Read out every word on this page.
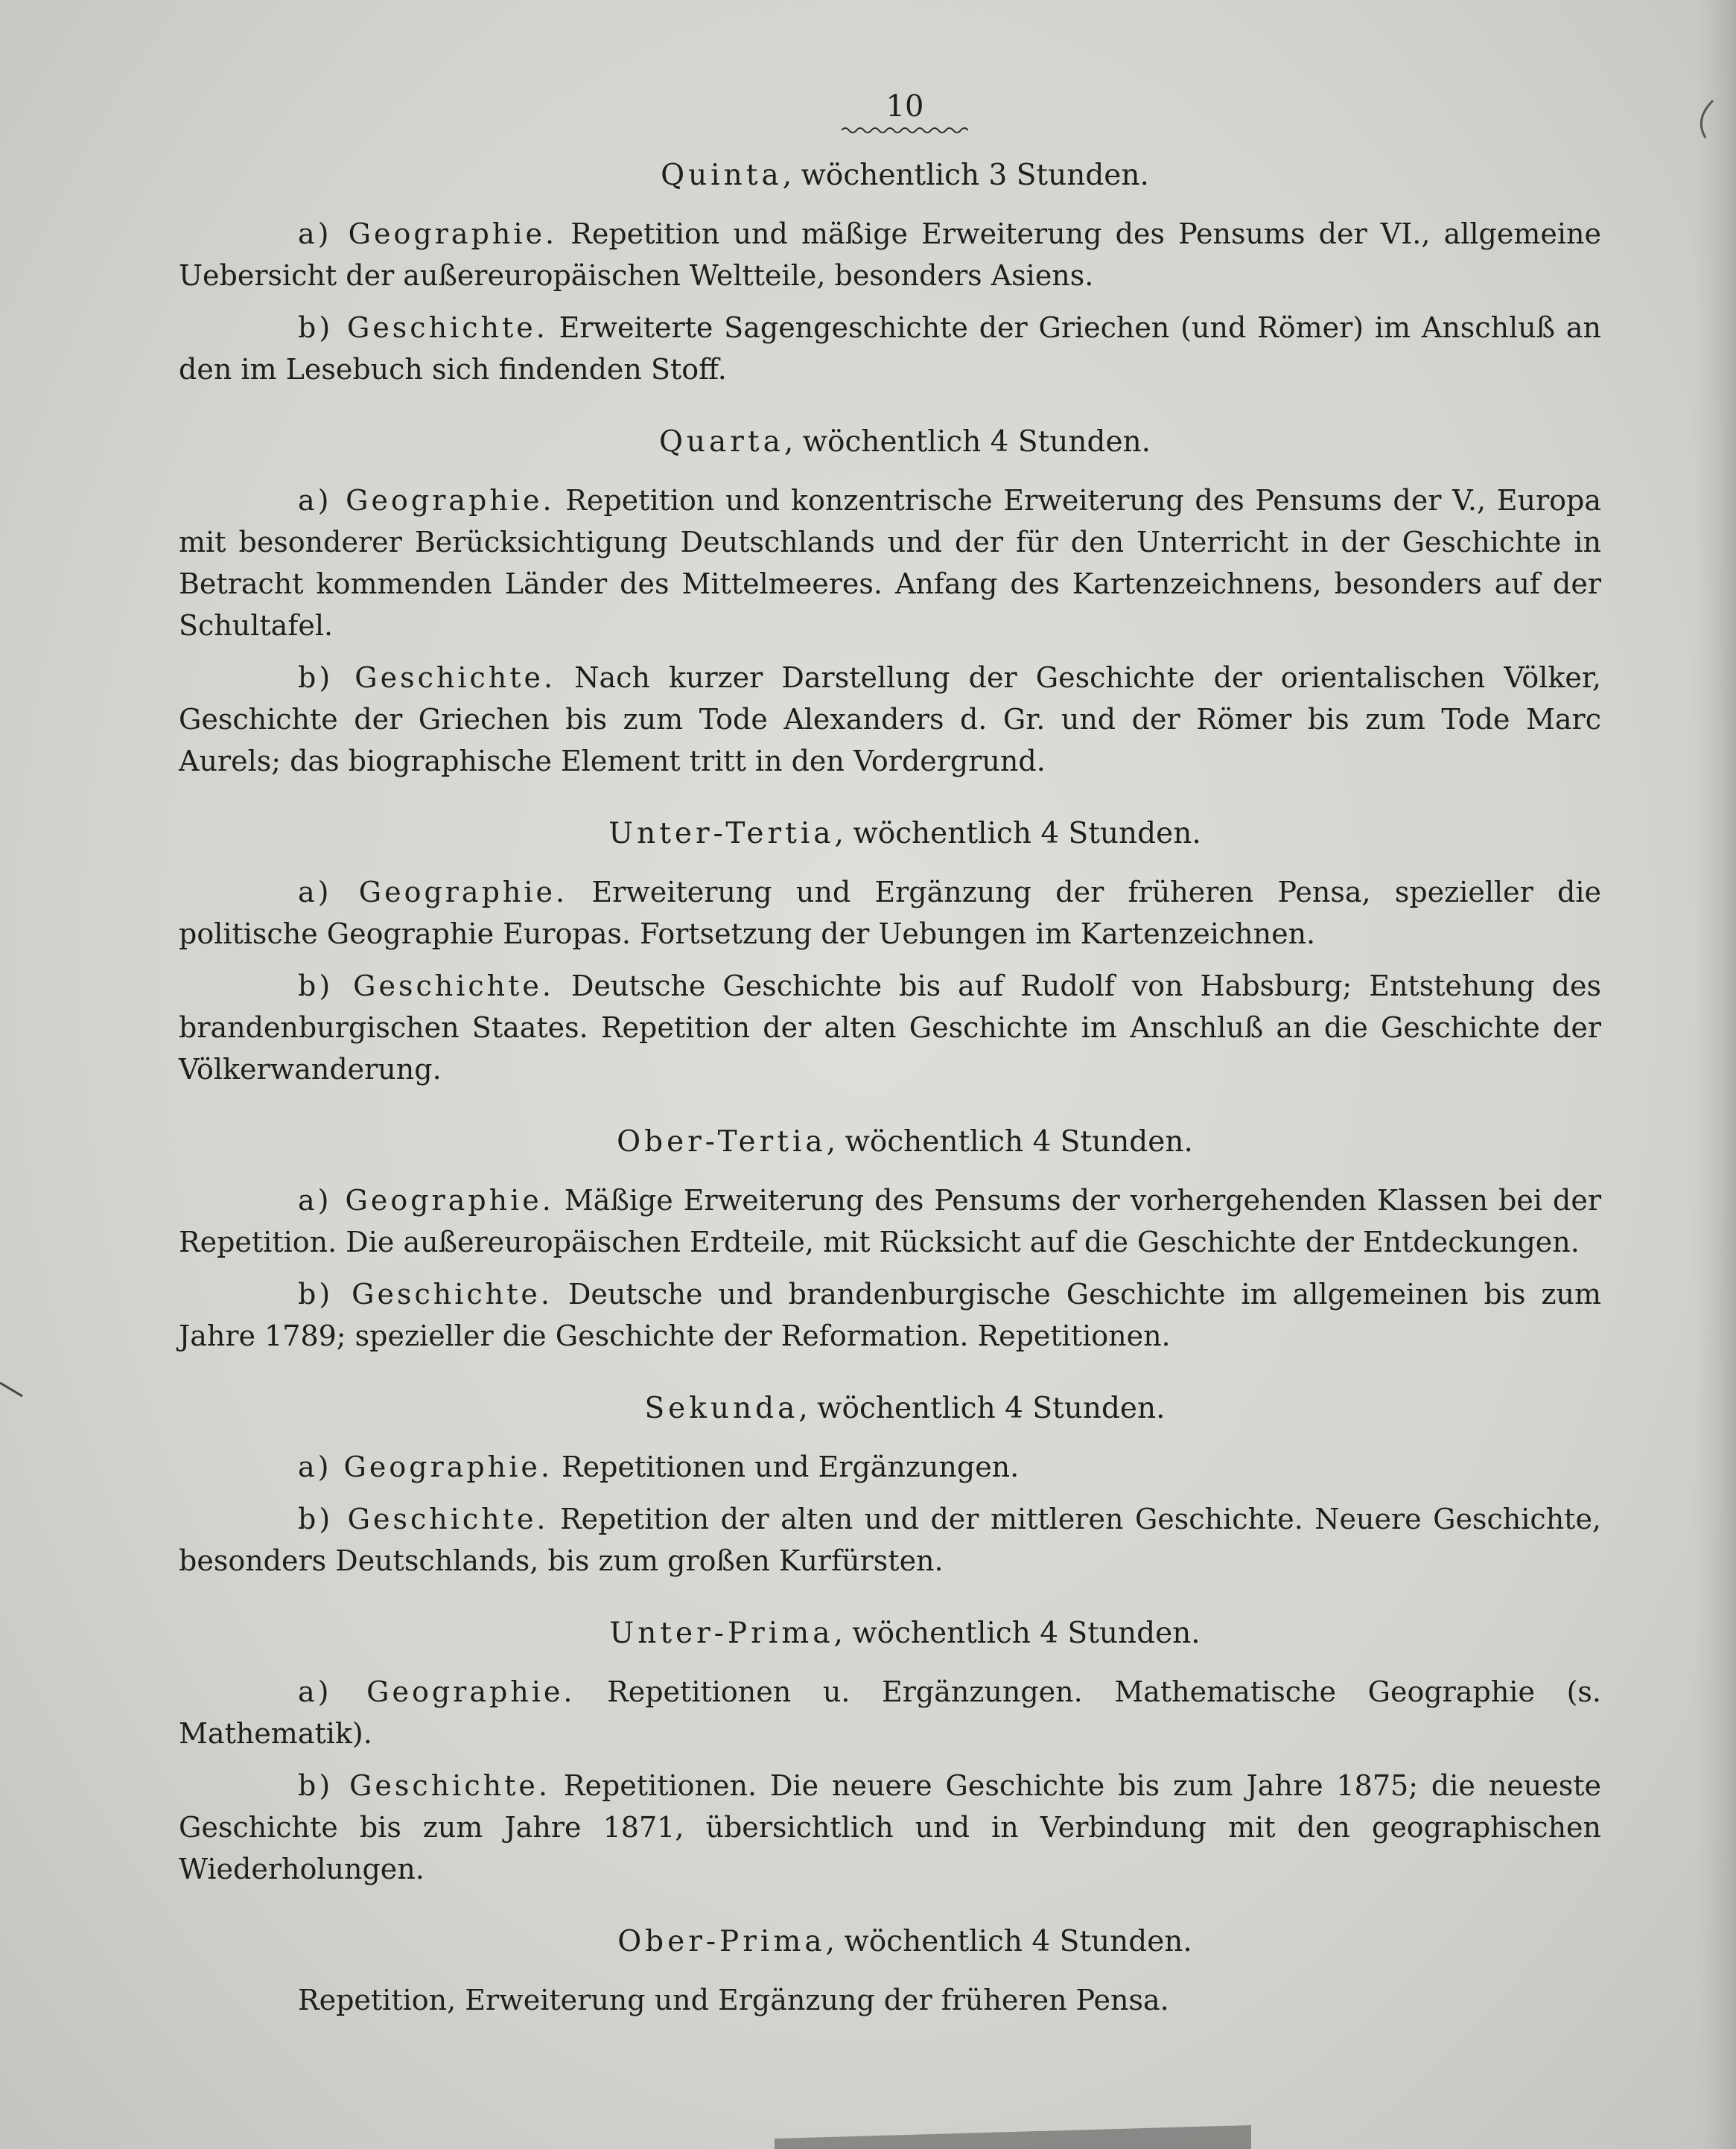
10
Quinta, wöchentlich 3 Stunden.

a) Geographie. Repetition und mäßige Erweiterung des Pensums der VI., allgemeine Uebersicht der außereuropäischen Weltteile, besonders Asiens.

b) Geschichte. Erweiterte Sagengeschichte der Griechen (und Römer) im Anschluß an den im Lesebuch sich findenden Stoff.

Quarta, wöchentlich 4 Stunden.

a) Geographie. Repetition und konzentrische Erweiterung des Pensums der V., Europa mit besonderer Berücksichtigung Deutschlands und der für den Unterricht in der Geschichte in Betracht kommenden Länder des Mittelmeeres. Anfang des Kartenzeichnens, besonders auf der Schultafel.

b) Geschichte. Nach kurzer Darstellung der Geschichte der orientalischen Völker, Geschichte der Griechen bis zum Tode Alexanders d. Gr. und der Römer bis zum Tode Marc Aurels; das biographische Element tritt in den Vordergrund.

Unter-Tertia, wöchentlich 4 Stunden.

a) Geographie. Erweiterung und Ergänzung der früheren Pensa, spezieller die politische Geographie Europas. Fortsetzung der Uebungen im Kartenzeichnen.

b) Geschichte. Deutsche Geschichte bis auf Rudolf von Habsburg; Entstehung des brandenburgischen Staates. Repetition der alten Geschichte im Anschluß an die Geschichte der Völkerwanderung.

Ober-Tertia, wöchentlich 4 Stunden.

a) Geographie. Mäßige Erweiterung des Pensums der vorhergehenden Klassen bei der Repetition. Die außereuropäischen Erdteile, mit Rücksicht auf die Geschichte der Entdeckungen.

b) Geschichte. Deutsche und brandenburgische Geschichte im allgemeinen bis zum Jahre 1789; spezieller die Geschichte der Reformation. Repetitionen.

Sekunda, wöchentlich 4 Stunden.

a) Geographie. Repetitionen und Ergänzungen.

b) Geschichte. Repetition der alten und der mittleren Geschichte. Neuere Geschichte, besonders Deutschlands, bis zum großen Kurfürsten.

Unter-Prima, wöchentlich 4 Stunden.

a) Geographie. Repetitionen u. Ergänzungen. Mathematische Geographie (s. Mathematik).

b) Geschichte. Repetitionen. Die neuere Geschichte bis zum Jahre 1875; die neueste Geschichte bis zum Jahre 1871, übersichtlich und in Verbindung mit den geographischen Wiederholungen.

Ober-Prima, wöchentlich 4 Stunden.

Repetition, Erweiterung und Ergänzung der früheren Pensa.
